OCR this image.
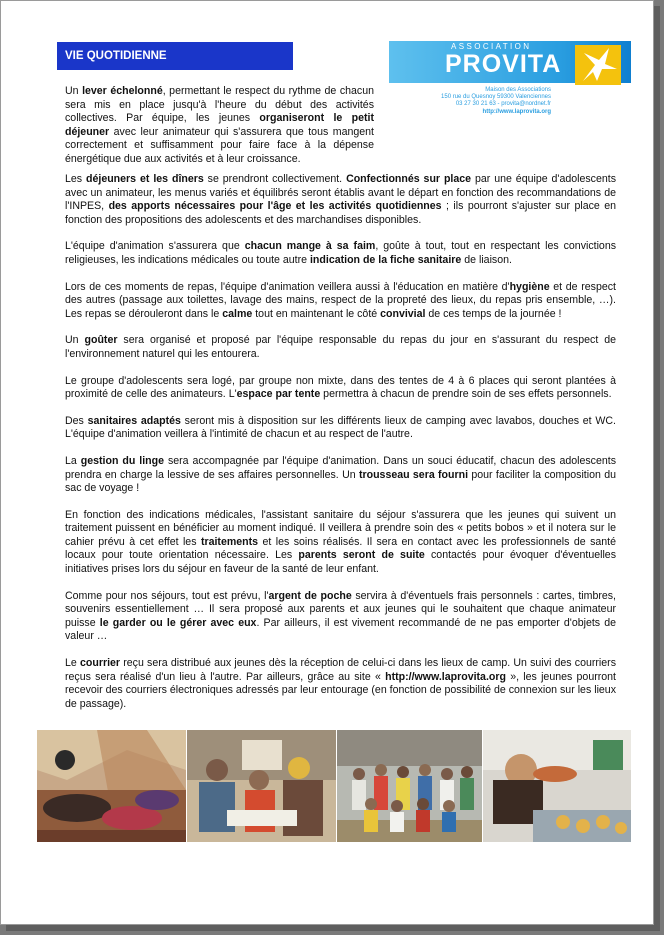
VIE QUOTIDIENNE
ASSOCIATION
PROVITA
Maison des Associations
150 rue du Quesnoy 59300 Valenciennes
03 27 30 21 63 - provita@nordnet.fr
http://www.laprovita.org

Un lever échelonné, permettant le respect du rythme de chacun sera mis en place jusqu'à l'heure du début des activités collectives. Par équipe, les jeunes organiseront le petit déjeuner avec leur animateur qui s'assurera que tous mangent correctement et suffisamment pour faire face à la dépense énergétique due aux activités et à leur croissance.

Les déjeuners et les dîners se prendront collectivement. Confectionnés sur place par une équipe d'adolescents avec un animateur, les menus variés et équilibrés seront établis avant le départ en fonction des recommandations de l'INPES, des apports nécessaires pour l'âge et les activités quotidiennes ; ils pourront s'ajuster sur place en fonction des propositions des adolescents et des marchandises disponibles.

L'équipe d'animation s'assurera que chacun mange à sa faim, goûte à tout, tout en respectant les convictions religieuses, les indications médicales ou toute autre indication de la fiche sanitaire de liaison.

Lors de ces moments de repas, l'équipe d'animation veillera aussi à l'éducation en matière d'hygiène et de respect des autres (passage aux toilettes, lavage des mains, respect de la propreté des lieux, du repas pris ensemble, …). Les repas se dérouleront dans le calme tout en maintenant le côté convivial de ces temps de la journée !

Un goûter sera organisé et proposé par l'équipe responsable du repas du jour en s'assurant du respect de l'environnement naturel qui les entourera.

Le groupe d'adolescents sera logé, par groupe non mixte, dans des tentes de 4 à 6 places qui seront plantées à proximité de celle des animateurs. L'espace par tente permettra à chacun de prendre soin de ses effets personnels.

Des sanitaires adaptés seront mis à disposition sur les différents lieux de camping avec lavabos, douches et WC. L'équipe d'animation veillera à l'intimité de chacun et au respect de l'autre.

La gestion du linge sera accompagnée par l'équipe d'animation. Dans un souci éducatif, chacun des adolescents prendra en charge la lessive de ses affaires personnelles. Un trousseau sera fourni pour faciliter la composition du sac de voyage !

En fonction des indications médicales, l'assistant sanitaire du séjour s'assurera que les jeunes qui suivent un traitement puissent en bénéficier au moment indiqué. Il veillera à prendre soin des « petits bobos » et il notera sur le cahier prévu à cet effet les traitements et les soins réalisés. Il sera en contact avec les professionnels de santé locaux pour toute orientation nécessaire. Les parents seront de suite contactés pour évoquer d'éventuelles initiatives prises lors du séjour en faveur de la santé de leur enfant.

Comme pour nos séjours, tout est prévu, l'argent de poche servira à d'éventuels frais personnels : cartes, timbres, souvenirs essentiellement … Il sera proposé aux parents et aux jeunes qui le souhaitent que chaque animateur puisse le garder ou le gérer avec eux. Par ailleurs, il est vivement recommandé de ne pas emporter d'objets de valeur …

Le courrier reçu sera distribué aux jeunes dès la réception de celui-ci dans les lieux de camp. Un suivi des courriers reçus sera réalisé d'un lieu à l'autre. Par ailleurs, grâce au site « http://www.laprovita.org », les jeunes pourront recevoir des courriers électroniques adressés par leur entourage (en fonction de possibilité de connexion sur les lieux de passage).
